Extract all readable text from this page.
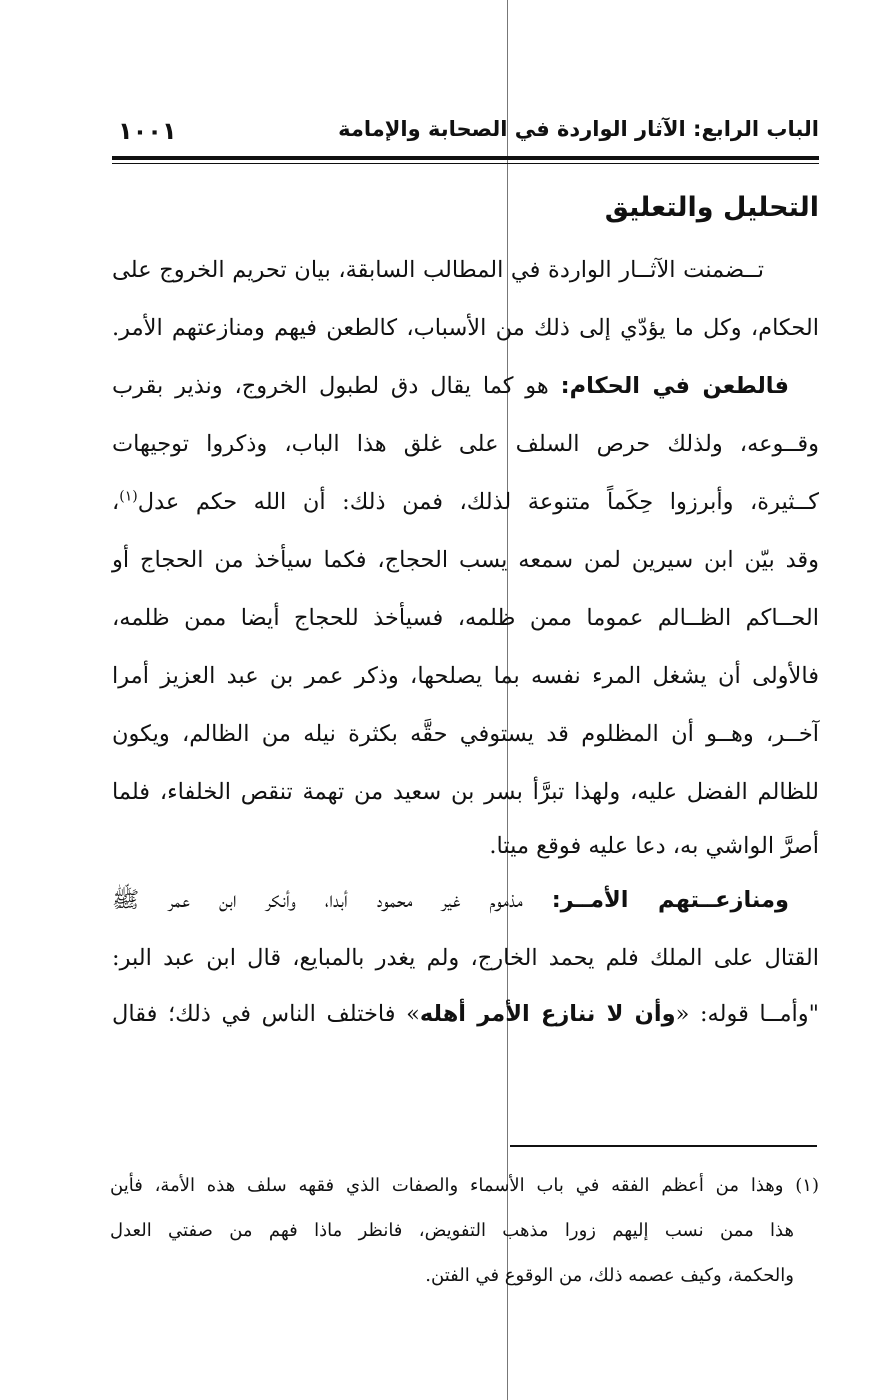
الباب الرابع: الآثار الواردة في الصحابة والإمامة
١٠٠١
التحليل والتعليق
تــضمنت الآثــار الواردة في المطالب السابقة، بيان تحريم الخروج على
الحكام، وكل ما يؤدّي إلى ذلك من الأسباب، كالطعن فيهم ومنازعتهم الأمر.
فالطعن في الحكام: هو كما يقال دق لطبول الخروج، ونذير بقرب
وقــوعه، ولذلك حرص السلف على غلق هذا الباب، وذكروا توجيهات
كــثيرة، وأبرزوا حِكَماً متنوعة لذلك، فمن ذلك: أن الله حكم عدل$^{(١)}$،
وقد بيّن ابن سيرين لمن سمعه يسب الحجاج، فكما سيأخذ من الحجاج أو
الحــاكم الظــالم عموما ممن ظلمه، فسيأخذ للحجاج أيضا ممن ظلمه،
فالأولى أن يشغل المرء نفسه بما يصلحها، وذكر عمر بن عبد العزيز أمرا
آخــر، وهــو أن المظلوم قد يستوفي حقَّه بكثرة نيله من الظالم، ويكون
للظالم الفضل عليه، ولهذا تبرَّأ بسر بن سعيد من تهمة تنقص الخلفاء، فلما
أصرَّ الواشي به، دعا عليه فوقع ميتا.
ومنازعــتهم الأمــر: مذموم غير محمود أبدا، وأنكر ابن عمر ﷺ
القتال على الملك فلم يحمد الخارج، ولم يغدر بالمبايع، قال ابن عبد البر:
"وأمــا قوله: «وأن لا ننازع الأمر أهله» فاختلف الناس في ذلك؛ فقال
(١) وهذا من أعظم الفقه في باب الأسماء والصفات الذي فقهه سلف هذه الأمة، فأين
هذا ممن نسب إليهم زورا مذهب التفويض، فانظر ماذا فهم من صفتي العدل
والحكمة، وكيف عصمه ذلك، من الوقوع في الفتن.
